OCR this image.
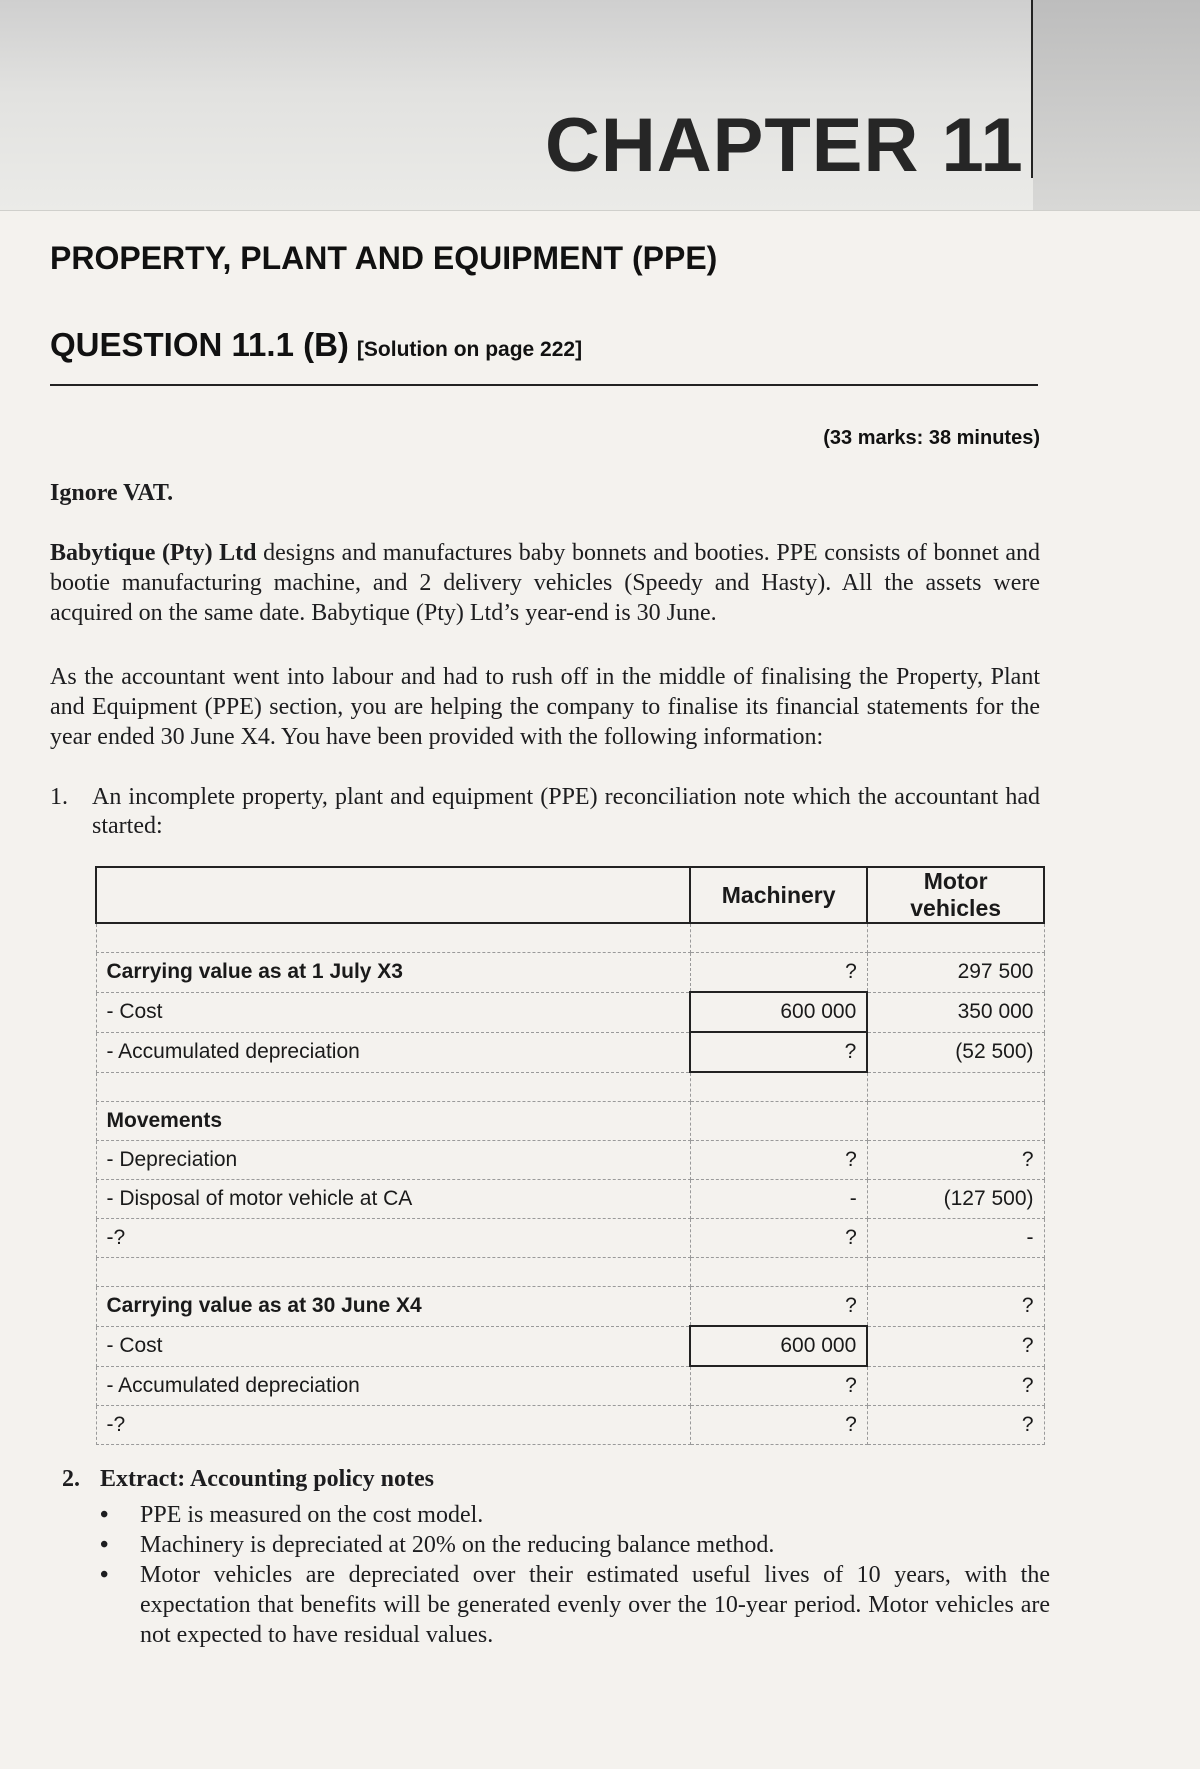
CHAPTER 11
PROPERTY, PLANT AND EQUIPMENT (PPE)
QUESTION 11.1 (B) [Solution on page 222]
(33 marks: 38 minutes)

Ignore VAT.

Babytique (Pty) Ltd designs and manufactures baby bonnets and booties. PPE consists of bonnet and bootie manufacturing machine, and 2 delivery vehicles (Speedy and Hasty). All the assets were acquired on the same date. Babytique (Pty) Ltd’s year-end is 30 June.

As the accountant went into labour and had to rush off in the middle of finalising the Property, Plant and Equipment (PPE) section, you are helping the company to finalise its financial statements for the year ended 30 June X4. You have been provided with the following information:

1. An incomplete property, plant and equipment (PPE) reconciliation note which the accountant had started:
	Machinery	Motor vehicles

Carrying value as at 1 July X3	?	297 500
- Cost	600 000	350 000
- Accumulated depreciation	?	(52 500)

Movements		
- Depreciation	?	?
- Disposal of motor vehicle at CA	-	(127 500)
-?	?	-

Carrying value as at 30 June X4	?	?
- Cost	600 000	?
- Accumulated depreciation	?	?
-?	?	?
2. Extract: Accounting policy notes
• PPE is measured on the cost model.
• Machinery is depreciated at 20% on the reducing balance method.
• Motor vehicles are depreciated over their estimated useful lives of 10 years, with the expectation that benefits will be generated evenly over the 10-year period. Motor vehicles are not expected to have residual values.
